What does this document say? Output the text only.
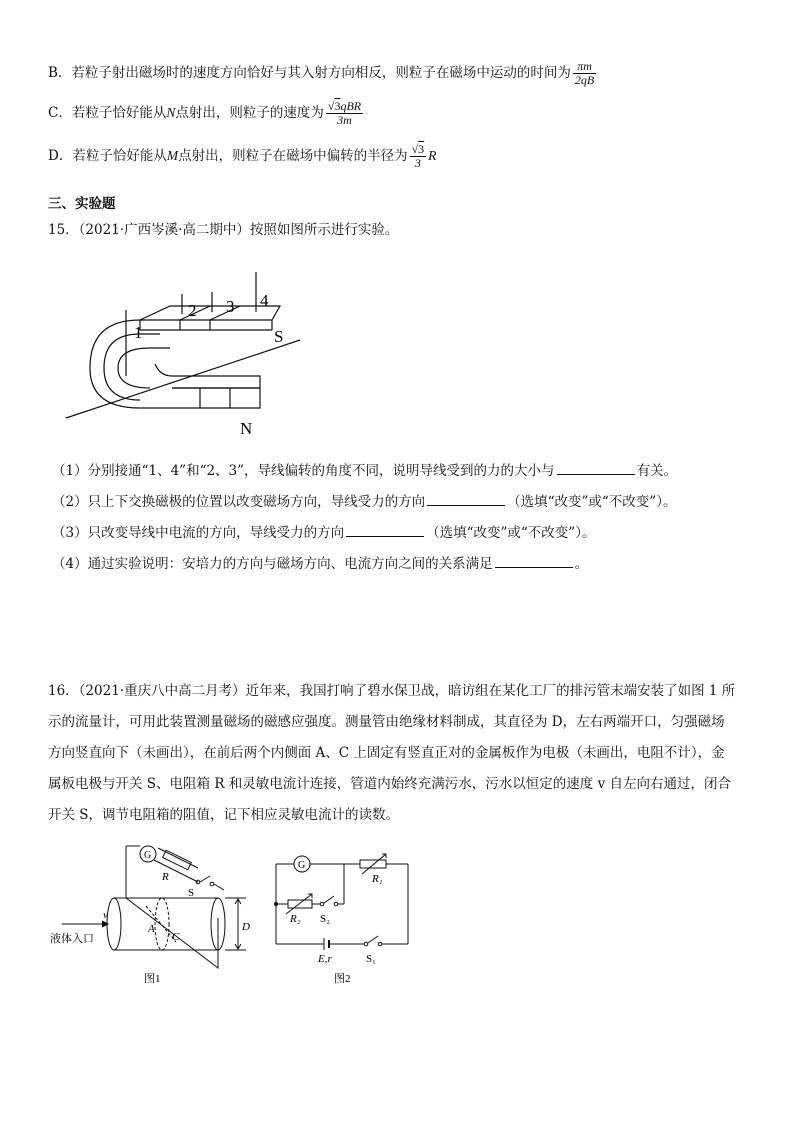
B．若粒子射出磁场时的速度方向恰好与其入射方向相反，则粒子在磁场中运动的时间为 $\frac{\pi m}{2qB}$
C．若粒子恰好能从N点射出，则粒子的速度为 $\frac{\text{√3qBR}}{3m}$
D．若粒子恰好能从M点射出，则粒子在磁场中偏转的半径为 $\frac{√3}{3}$ R
三、实验题
15．（2021·广西岑溪·高二期中）按照如图所示进行实验。
1
2 3 4
S
N
（1）分别接通“1、4”和“2、3”，导线偏转的角度不同，说明导线受到的力的大小与	有关。
（2）只上下交换磁极的位置以改变磁场方向，导线受力的方向	（选填“改变”或“不改变”）。
（3）只改变导线中电流的方向，导线受力的方向	（选填“改变”或“不改变”）。
（4）通过实验说明：安培力的方向与磁场方向、电流方向之间的关系满足	。
16．（2021·重庆八中高二月考）近年来，我国打响了碧水保卫战，暗访组在某化工厂的排污管末端安装了如图 1 所
示的流量计，可用此装置测量磁场的磁感应强度。测量管由绝缘材料制成，其直径为 D，左右两端开口，匀强磁场
方向竖直向下（未画出），在前后两个内侧面 A、C 上固定有竖直正对的金属板作为电极（未画出，电阻不计），金
属板电极与开关 S、电阻箱 R 和灵敏电流计连接，管道内始终充满污水，污水以恒定的速度 v 自左向右通过，闭合
开关 S，调节电阻箱的阻值，记下相应灵敏电流计的读数。
G
R
S
液体入口
v
A
C
D
图1
G
R₁
R₂ S₂
E,r	S₁
图2
